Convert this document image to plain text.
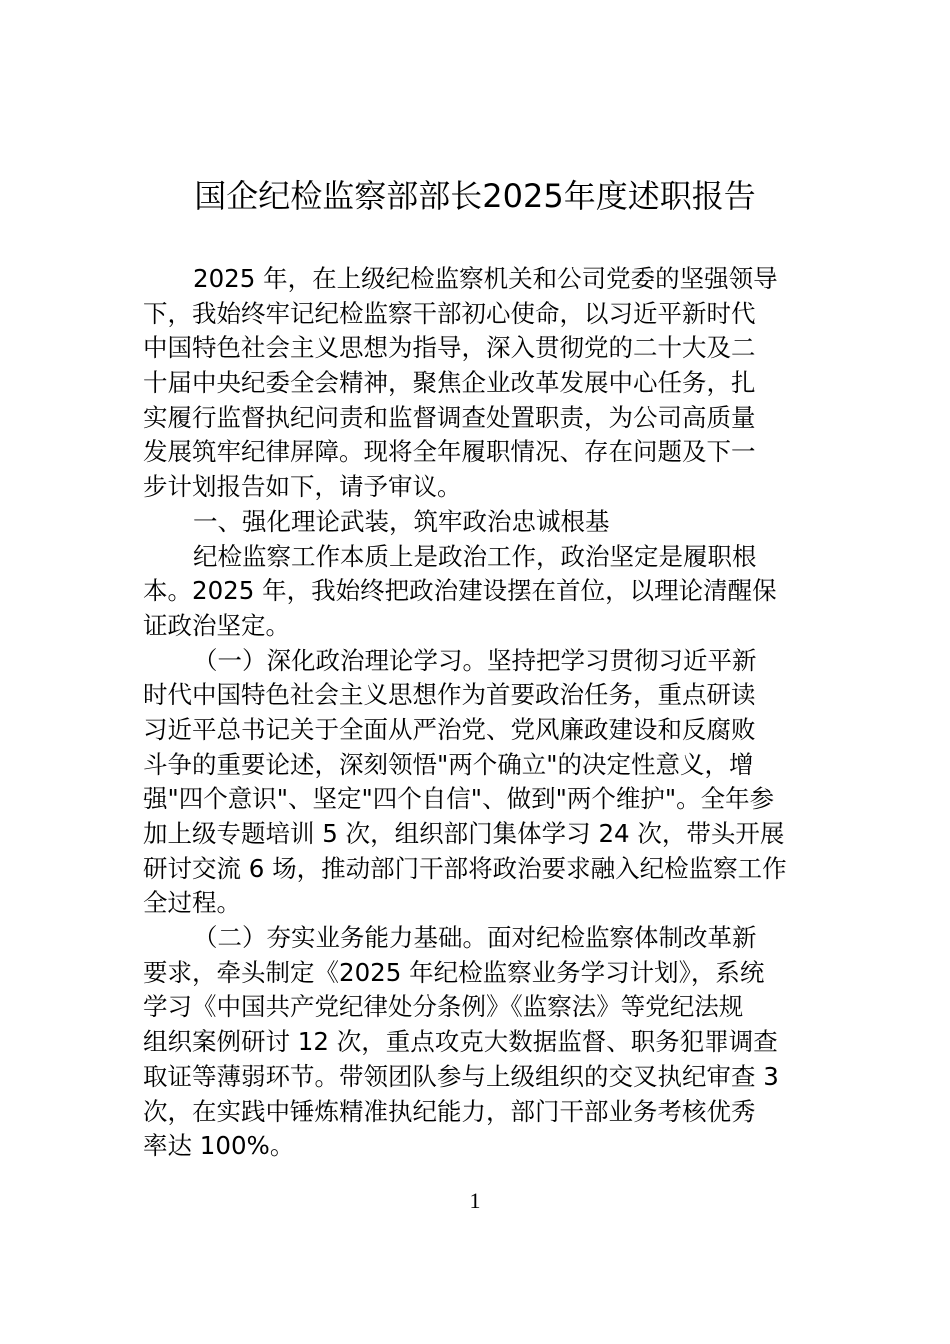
国企纪检监察部部长2025年度述职报告
2025 年，在上级纪检监察机关和公司党委的坚强领导
下，我始终牢记纪检监察干部初心使命，以习近平新时代
中国特色社会主义思想为指导，深入贯彻党的二十大及二
十届中央纪委全会精神，聚焦企业改革发展中心任务，扎
实履行监督执纪问责和监督调查处置职责，为公司高质量
发展筑牢纪律屏障。现将全年履职情况、存在问题及下一
步计划报告如下，请予审议。
一、强化理论武装，筑牢政治忠诚根基
纪检监察工作本质上是政治工作，政治坚定是履职根
本。2025 年，我始终把政治建设摆在首位，以理论清醒保
证政治坚定。
（一）深化政治理论学习。坚持把学习贯彻习近平新
时代中国特色社会主义思想作为首要政治任务，重点研读
习近平总书记关于全面从严治党、党风廉政建设和反腐败
斗争的重要论述，深刻领悟"两个确立"的决定性意义，增
强"四个意识"、坚定"四个自信"、做到"两个维护"。全年参
加上级专题培训 5 次，组织部门集体学习 24 次，带头开展
研讨交流 6 场，推动部门干部将政治要求融入纪检监察工作
全过程。
（二）夯实业务能力基础。面对纪检监察体制改革新
要求，牵头制定《2025 年纪检监察业务学习计划》，系统
学习《中国共产党纪律处分条例》《监察法》等党纪法规
组织案例研讨 12 次，重点攻克大数据监督、职务犯罪调查
取证等薄弱环节。带领团队参与上级组织的交叉执纪审查 3
次，在实践中锤炼精准执纪能力，部门干部业务考核优秀
率达 100%。
1
